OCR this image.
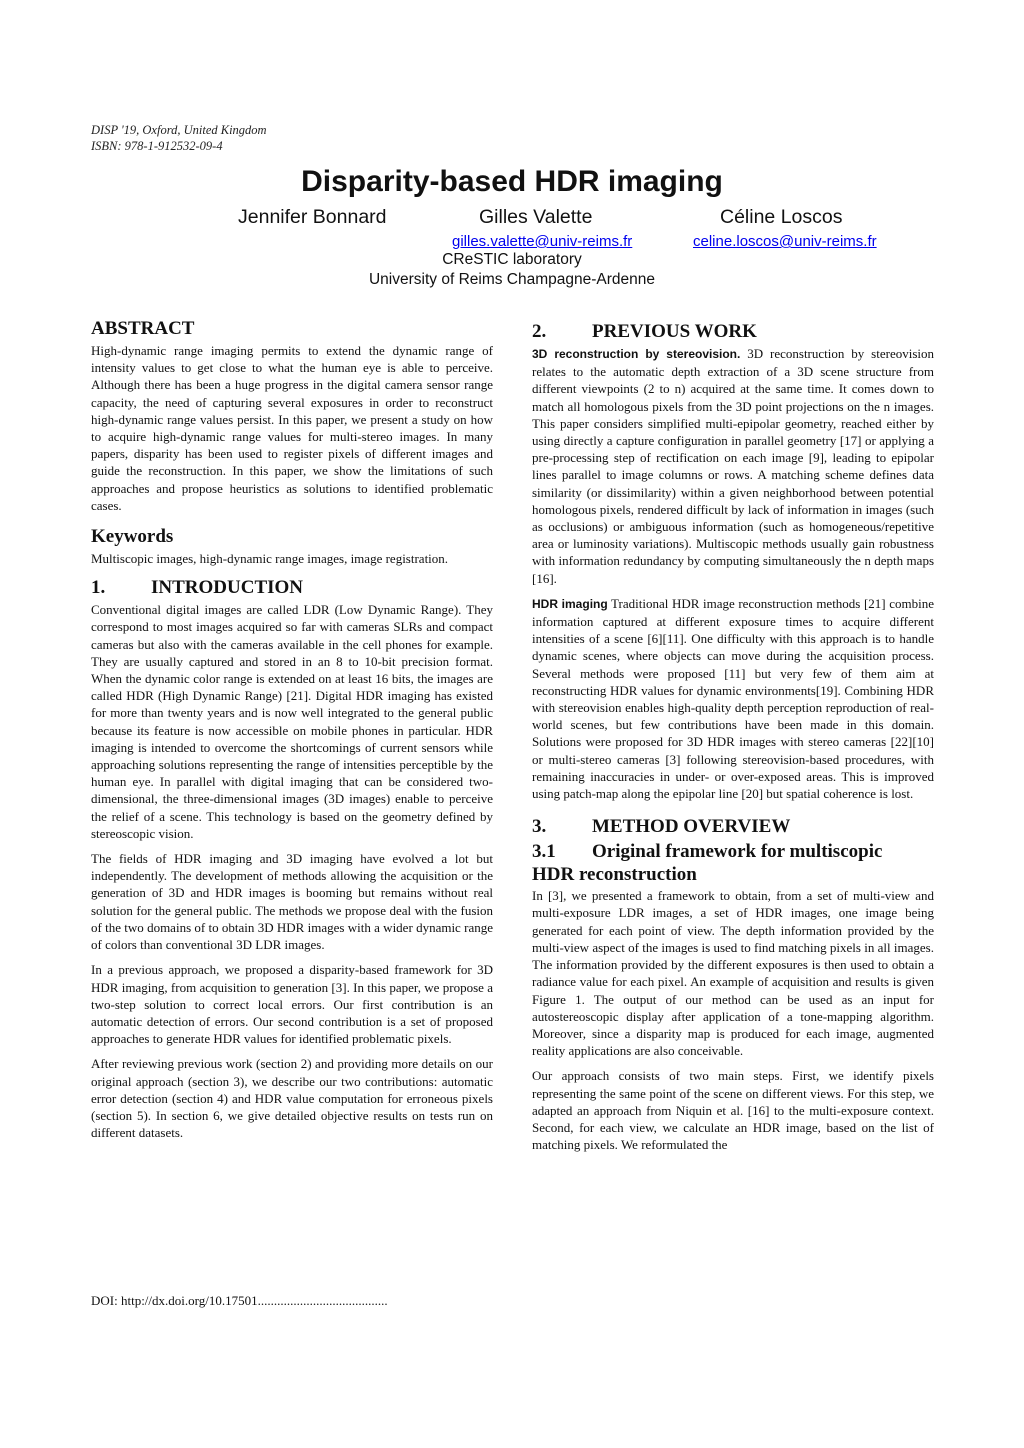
DISP '19, Oxford, United Kingdom
ISBN: 978-1-912532-09-4
Disparity-based HDR imaging
Jennifer Bonnard	Gilles Valette	Céline Loscos
gilles.valette@univ-reims.fr	celine.loscos@univ-reims.fr
CReSTIC laboratory
University of Reims Champagne-Ardenne
ABSTRACT

High-dynamic range imaging permits to extend the dynamic range of intensity values to get close to what the human eye is able to perceive. Although there has been a huge progress in the digital camera sensor range capacity, the need of capturing several exposures in order to reconstruct high-dynamic range values persist. In this paper, we present a study on how to acquire high-dynamic range values for multi-stereo images. In many papers, disparity has been used to register pixels of different images and guide the reconstruction. In this paper, we show the limitations of such approaches and propose heuristics as solutions to identified problematic cases.

Keywords

Multiscopic images, high-dynamic range images, image registration.

1. INTRODUCTION

Conventional digital images are called LDR (Low Dynamic Range). They correspond to most images acquired so far with cameras SLRs and compact cameras but also with the cameras available in the cell phones for example. They are usually captured and stored in an 8 to 10-bit precision format. When the dynamic color range is extended on at least 16 bits, the images are called HDR (High Dynamic Range) [21]. Digital HDR imaging has existed for more than twenty years and is now well integrated to the general public because its feature is now accessible on mobile phones in particular. HDR imaging is intended to overcome the shortcomings of current sensors while approaching solutions representing the range of intensities perceptible by the human eye. In parallel with digital imaging that can be considered two-dimensional, the three-dimensional images (3D images) enable to perceive the relief of a scene. This technology is based on the geometry defined by stereoscopic vision.

The fields of HDR imaging and 3D imaging have evolved a lot but independently. The development of methods allowing the acquisition or the generation of 3D and HDR images is booming but remains without real solution for the general public. The methods we propose deal with the fusion of the two domains of to obtain 3D HDR images with a wider dynamic range of colors than conventional 3D LDR images.

In a previous approach, we proposed a disparity-based framework for 3D HDR imaging, from acquisition to generation [3]. In this paper, we propose a two-step solution to correct local errors. Our first contribution is an automatic detection of errors. Our second contribution is a set of proposed approaches to generate HDR values for identified problematic pixels.

After reviewing previous work (section 2) and providing more details on our original approach (section 3), we describe our two contributions: automatic error detection (section 4) and HDR value computation for erroneous pixels (section 5). In section 6, we give detailed objective results on tests run on different datasets.

2. PREVIOUS WORK

3D reconstruction by stereovision. 3D reconstruction by stereovision relates to the automatic depth extraction of a 3D scene structure from different viewpoints (2 to n) acquired at the same time. It comes down to match all homologous pixels from the 3D point projections on the n images. This paper considers simplified multi-epipolar geometry, reached either by using directly a capture configuration in parallel geometry [17] or applying a pre-processing step of rectification on each image [9], leading to epipolar lines parallel to image columns or rows. A matching scheme defines data similarity (or dissimilarity) within a given neighborhood between potential homologous pixels, rendered difficult by lack of information in images (such as occlusions) or ambiguous information (such as homogeneous/repetitive area or luminosity variations). Multiscopic methods usually gain robustness with information redundancy by computing simultaneously the n depth maps [16].

HDR imaging Traditional HDR image reconstruction methods [21] combine information captured at different exposure times to acquire different intensities of a scene [6][11]. One difficulty with this approach is to handle dynamic scenes, where objects can move during the acquisition process. Several methods were proposed [11] but very few of them aim at reconstructing HDR values for dynamic environments[19]. Combining HDR with stereovision enables high-quality depth perception reproduction of real-world scenes, but few contributions have been made in this domain. Solutions were proposed for 3D HDR images with stereo cameras [22][10] or multi-stereo cameras [3] following stereovision-based procedures, with remaining inaccuracies in under- or over-exposed areas. This is improved using patch-map along the epipolar line [20] but spatial coherence is lost.

3. METHOD OVERVIEW
3.1 Original framework for multiscopic
HDR reconstruction

In [3], we presented a framework to obtain, from a set of multi-view and multi-exposure LDR images, a set of HDR images, one image being generated for each point of view. The depth information provided by the multi-view aspect of the images is used to find matching pixels in all images. The information provided by the different exposures is then used to obtain a radiance value for each pixel. An example of acquisition and results is given Figure 1. The output of our method can be used as an input for autostereoscopic display after application of a tone-mapping algorithm. Moreover, since a disparity map is produced for each image, augmented reality applications are also conceivable.

Our approach consists of two main steps. First, we identify pixels representing the same point of the scene on different views. For this step, we adapted an approach from Niquin et al. [16] to the multi-exposure context. Second, for each view, we calculate an HDR image, based on the list of matching pixels. We reformulated the

DOI: http://dx.doi.org/10.17501........................................
